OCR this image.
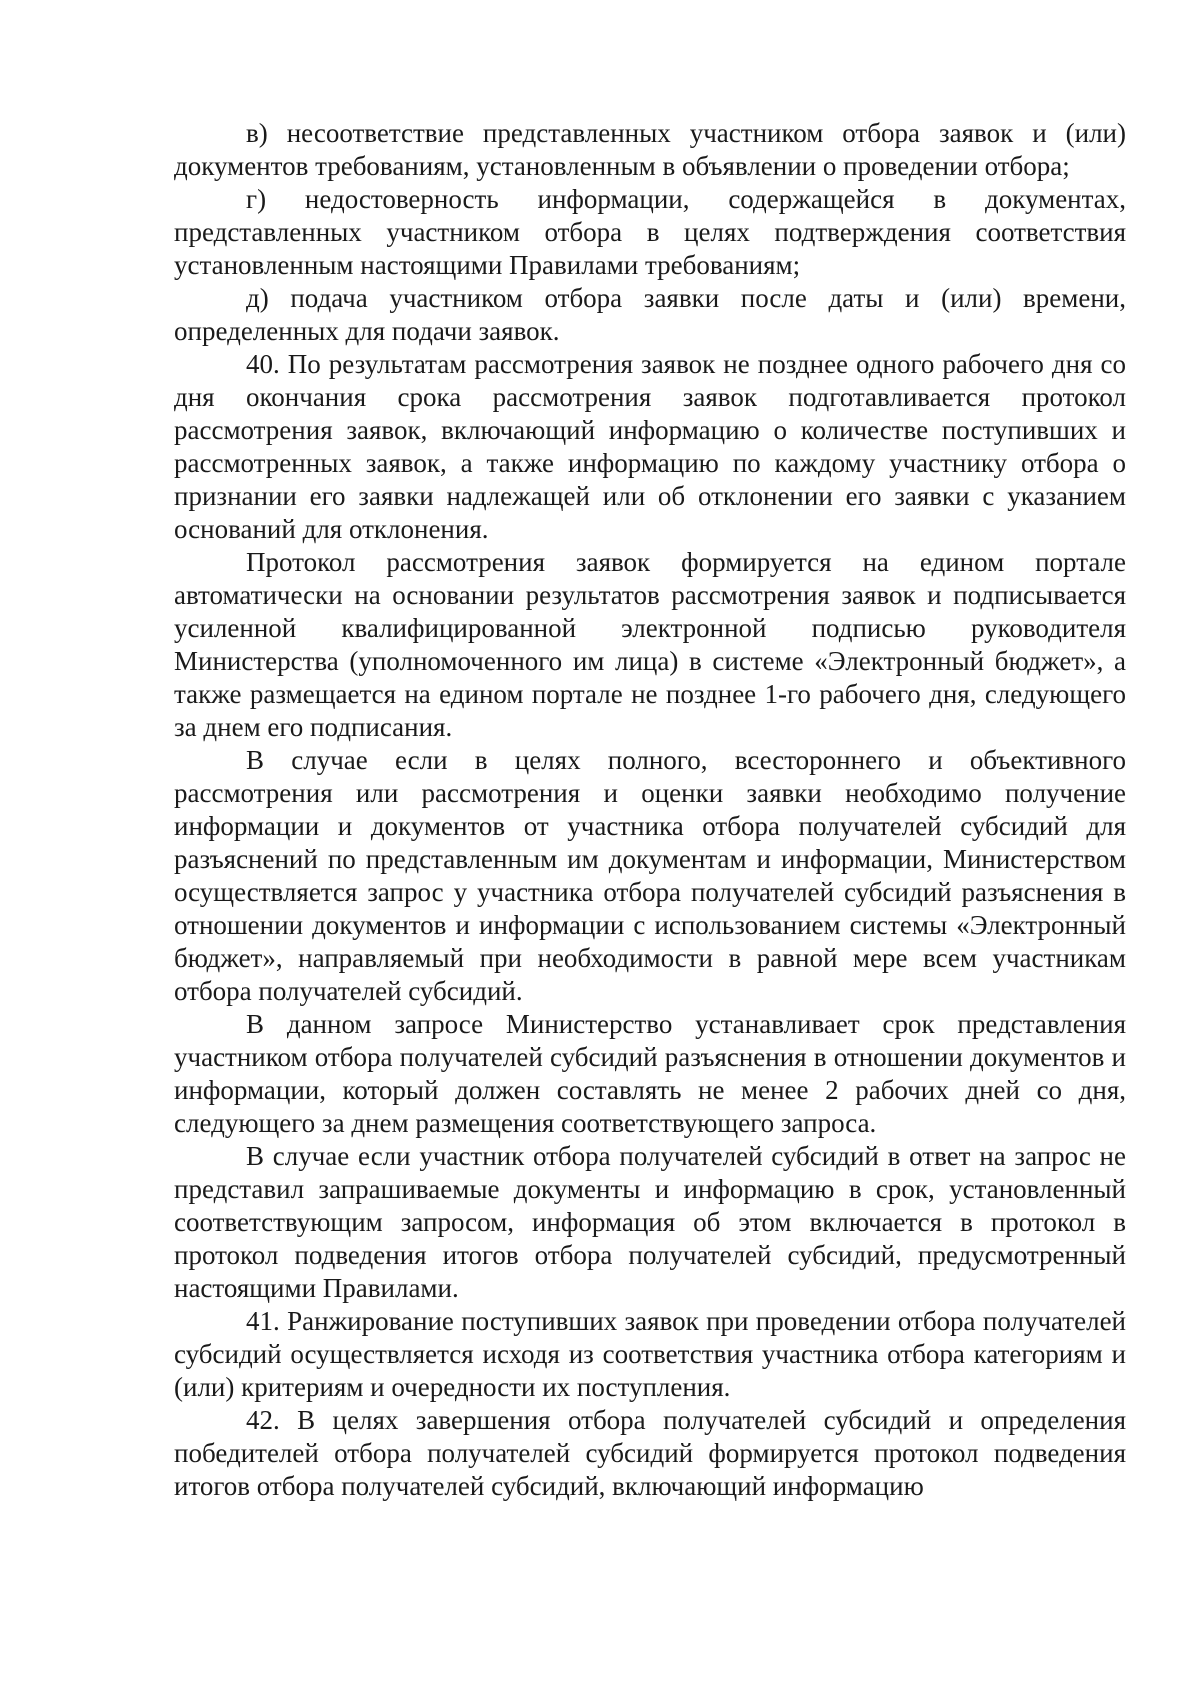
в) несоответствие представленных участником отбора заявок и (или) документов требованиям, установленным в объявлении о проведении отбора;

г) недостоверность информации, содержащейся в документах, представленных участником отбора в целях подтверждения соответствия установленным настоящими Правилами требованиям;

д) подача участником отбора заявки после даты и (или) времени, определенных для подачи заявок.

40. По результатам рассмотрения заявок не позднее одного рабочего дня со дня окончания срока рассмотрения заявок подготавливается протокол рассмотрения заявок, включающий информацию о количестве поступивших и рассмотренных заявок, а также информацию по каждому участнику отбора о признании его заявки надлежащей или об отклонении его заявки с указанием оснований для отклонения.

Протокол рассмотрения заявок формируется на едином портале автоматически на основании результатов рассмотрения заявок и подписывается усиленной квалифицированной электронной подписью руководителя Министерства (уполномоченного им лица) в системе «Электронный бюджет», а также размещается на едином портале не позднее 1-го рабочего дня, следующего за днем его подписания.

В случае если в целях полного, всестороннего и объективного рассмотрения или рассмотрения и оценки заявки необходимо получение информации и документов от участника отбора получателей субсидий для разъяснений по представленным им документам и информации, Министерством осуществляется запрос у участника отбора получателей субсидий разъяснения в отношении документов и информации с использованием системы «Электронный бюджет», направляемый при необходимости в равной мере всем участникам отбора получателей субсидий.

В данном запросе Министерство устанавливает срок представления участником отбора получателей субсидий разъяснения в отношении документов и информации, который должен составлять не менее 2 рабочих дней со дня, следующего за днем размещения соответствующего запроса.

В случае если участник отбора получателей субсидий в ответ на запрос не представил запрашиваемые документы и информацию в срок, установленный соответствующим запросом, информация об этом включается в протокол в протокол подведения итогов отбора получателей субсидий, предусмотренный настоящими Правилами.

41. Ранжирование поступивших заявок при проведении отбора получателей субсидий осуществляется исходя из соответствия участника отбора категориям и (или) критериям и очередности их поступления.

42. В целях завершения отбора получателей субсидий и определения победителей отбора получателей субсидий формируется протокол подведения итогов отбора получателей субсидий, включающий информацию
